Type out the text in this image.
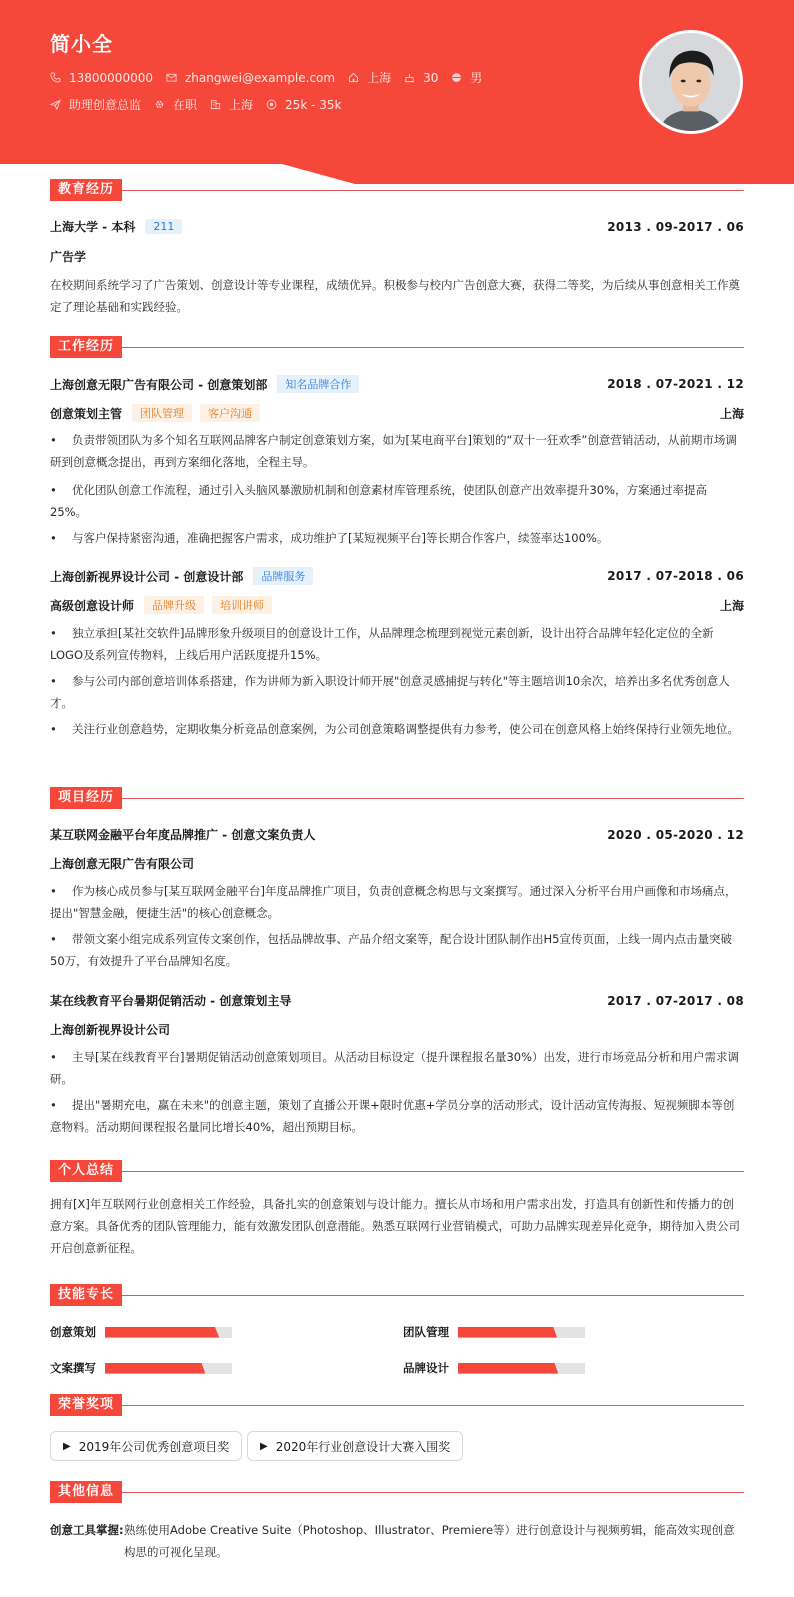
简小全
13800000000	zhangwei@example.com	上海	30	男
助理创意总监	在职	上海	25k - 35k
教育经历
上海大学 - 本科	211	2013 . 09-2017 . 06
广告学
在校期间系统学习了广告策划、创意设计等专业课程，成绩优异。积极参与校内广告创意大赛，获得二等奖，为后续从事创意相关工作奠定了理论基础和实践经验。
工作经历
上海创意无限广告有限公司 - 创意策划部	知名品牌合作	2018 . 07-2021 . 12
创意策划主管	团队管理	客户沟通	上海
• 负责带领团队为多个知名互联网品牌客户制定创意策划方案，如为[某电商平台]策划的“双十一狂欢季”创意营销活动，从前期市场调研到创意概念提出，再到方案细化落地，全程主导。
• 优化团队创意工作流程，通过引入头脑风暴激励机制和创意素材库管理系统，使团队创意产出效率提升30%，方案通过率提高25%。
• 与客户保持紧密沟通，准确把握客户需求，成功维护了[某短视频平台]等长期合作客户，续签率达100%。
上海创新视界设计公司 - 创意设计部	品牌服务	2017 . 07-2018 . 06
高级创意设计师	品牌升级	培训讲师	上海
• 独立承担[某社交软件]品牌形象升级项目的创意设计工作，从品牌理念梳理到视觉元素创新，设计出符合品牌年轻化定位的全新LOGO及系列宣传物料，上线后用户活跃度提升15%。
• 参与公司内部创意培训体系搭建，作为讲师为新入职设计师开展"创意灵感捕捉与转化"等主题培训10余次，培养出多名优秀创意人才。
• 关注行业创意趋势，定期收集分析竞品创意案例，为公司创意策略调整提供有力参考，使公司在创意风格上始终保持行业领先地位。
项目经历
某互联网金融平台年度品牌推广 - 创意文案负责人	2020 . 05-2020 . 12
上海创意无限广告有限公司
• 作为核心成员参与[某互联网金融平台]年度品牌推广项目，负责创意概念构思与文案撰写。通过深入分析平台用户画像和市场痛点，提出"智慧金融，便捷生活"的核心创意概念。
• 带领文案小组完成系列宣传文案创作，包括品牌故事、产品介绍文案等，配合设计团队制作出H5宣传页面，上线一周内点击量突破50万，有效提升了平台品牌知名度。
某在线教育平台暑期促销活动 - 创意策划主导	2017 . 07-2017 . 08
上海创新视界设计公司
• 主导[某在线教育平台]暑期促销活动创意策划项目。从活动目标设定（提升课程报名量30%）出发，进行市场竞品分析和用户需求调研。
• 提出"暑期充电，赢在未来"的创意主题，策划了直播公开课+限时优惠+学员分享的活动形式，设计活动宣传海报、短视频脚本等创意物料。活动期间课程报名量同比增长40%，超出预期目标。
个人总结
拥有[X]年互联网行业创意相关工作经验，具备扎实的创意策划与设计能力。擅长从市场和用户需求出发，打造具有创新性和传播力的创意方案。具备优秀的团队管理能力，能有效激发团队创意潜能。熟悉互联网行业营销模式，可助力品牌实现差异化竞争，期待加入贵公司开启创意新征程。
技能专长
创意策划	团队管理
文案撰写	品牌设计
荣誉奖项
▶ 2019年公司优秀创意项目奖	▶ 2020年行业创意设计大赛入围奖
其他信息
创意工具掌握: 熟练使用Adobe Creative Suite（Photoshop、Illustrator、Premiere等）进行创意设计与视频剪辑，能高效实现创意构思的可视化呈现。
